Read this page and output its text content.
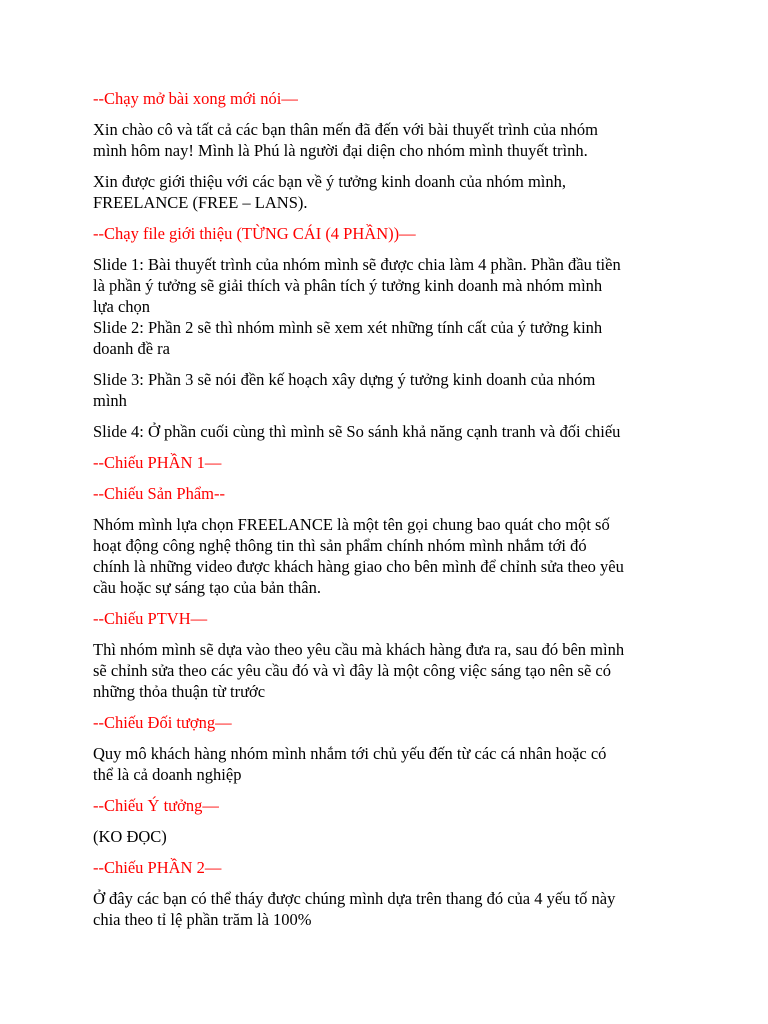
--Chạy mở bài xong mới nói—
Xin chào cô và tất cả các bạn thân mến đã đến với bài thuyết trình của nhóm
mình hôm nay! Mình là Phú là người đại diện cho nhóm mình thuyết trình.
Xin được giới thiệu với các bạn về ý tưởng kinh doanh của nhóm mình,
FREELANCE (FREE – LANS).
--Chạy file giới thiệu (TỪNG CÁI (4 PHẦN))—
Slide 1: Bài thuyết trình của nhóm mình sẽ được chia làm 4 phần. Phần đầu tiền
là phần ý tưởng sẽ giải thích và phân tích ý tưởng kinh doanh mà nhóm mình
lựa chọn
Slide 2: Phần 2 sẽ thì nhóm mình sẽ xem xét những tính cất của ý tưởng kinh
doanh đề ra
Slide 3: Phần 3 sẽ nói đền kế hoạch xây dựng ý tưởng kinh doanh của nhóm
mình
Slide 4: Ở phần cuối cùng thì mình sẽ So sánh khả năng cạnh tranh và đối chiếu
--Chiếu PHẦN 1—
--Chiếu Sản Phẩm--
Nhóm mình lựa chọn FREELANCE là một tên gọi chung bao quát cho một số
hoạt động công nghệ thông tin thì sản phẩm chính nhóm mình nhắm tới đó
chính là những video được khách hàng giao cho bên mình để chỉnh sửa theo yêu
cầu hoặc sự sáng tạo của bản thân.
--Chiếu PTVH—
Thì nhóm mình sẽ dựa vào theo yêu cầu mà khách hàng đưa ra, sau đó bên mình
sẽ chỉnh sửa theo các yêu cầu đó và vì đây là một công việc sáng tạo nên sẽ có
những thỏa thuận từ trước
--Chiếu Đối tượng—
Quy mô khách hàng nhóm mình nhắm tới chủ yếu đến từ các cá nhân hoặc có
thể là cả doanh nghiệp
--Chiếu Ý tưởng—
(KO ĐỌC)
--Chiếu PHẦN 2—
Ở đây các bạn có thể tháy được chúng mình dựa trên thang đó của 4 yếu tố này
chia theo tỉ lệ phần trăm là 100%
